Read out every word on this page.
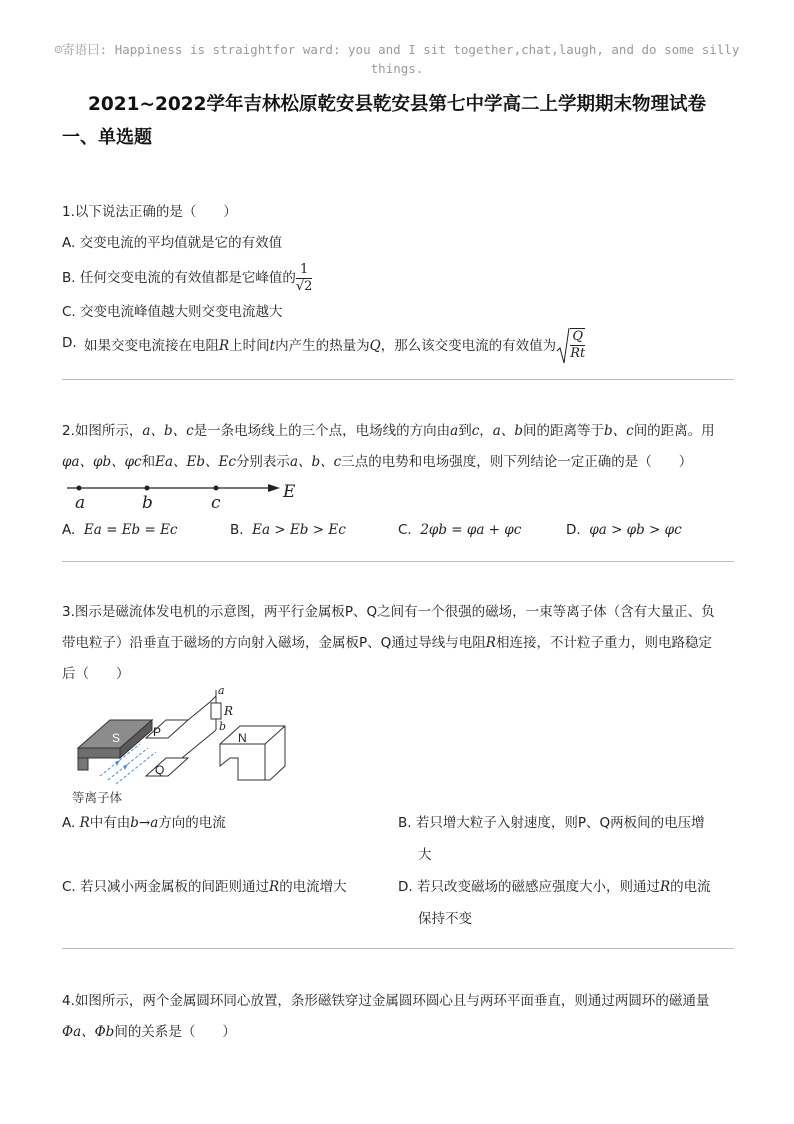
☺寄语曰: Happiness is straightfor ward: you and I sit together,chat,laugh, and do some silly
things.
2021~2022学年吉林松原乾安县乾安县第七中学高二上学期期末物理试卷
一、单选题
1.以下说法正确的是（　　）
A. 交变电流的平均值就是它的有效值
B. 任何交变电流的有效值都是它峰值的 $\frac{1}{√2}$
C. 交变电流峰值越大则交变电流越大
D. 如果交变电流接在电阻 R 上时间 t 内产生的热量为 Q ，那么该交变电流的有效值为 $\frac{Q}{Rt}$
2.如图所示，a、b、c是一条电场线上的三个点，电场线的方向由a到c，a、b间的距离等于b、c间的距离。用
φa、φb、φc和Ea、Eb、Ec分别表示a、b、c三点的电势和电场强度，则下列结论一定正确的是（　　）
a	b	c
E
A. Ea = Eb = Ec	B. Ea > Eb > Ec	C. 2φb = φa + φc	D. φa > φb > φc
3.图示是磁流体发电机的示意图，两平行金属板P、Q之间有一个很强的磁场，一束等离子体（含有大量正、负
带电粒子）沿垂直于磁场的方向射入磁场，金属板P、Q通过导线与电阻R相连接，不计粒子重力，则电路稳定
后（　　）
S	P
Q
a
R
b
N
等离子体
A. R中有由b→a方向的电流	B. 若只增大粒子入射速度，则P、Q两板间的电压增
大
C. 若只减小两金属板的间距则通过R的电流增大	D. 若只改变磁场的磁感应强度大小，则通过R的电流
保持不变
4.如图所示，两个金属圆环同心放置，条形磁铁穿过金属圆环圆心且与两环平面垂直，则通过两圆环的磁通量
Φa、Φb间的关系是（　　）
